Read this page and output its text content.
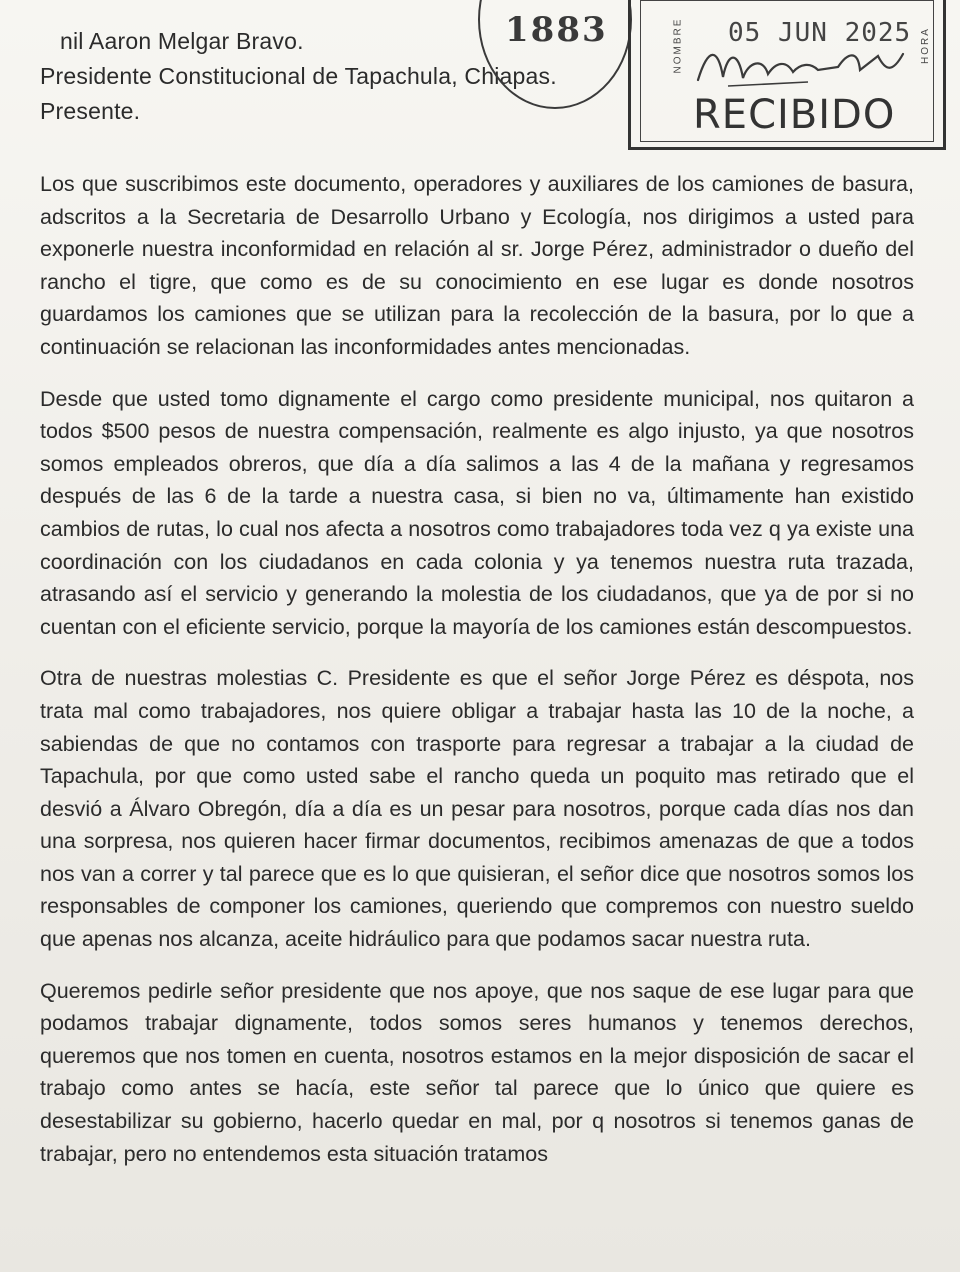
nil Aaron Melgar Bravo.
Presidente Constitucional de Tapachula, Chiapas.
Presente.
1883	NOMBRE	HORA
05 JUN 2025
RECIBIDO

Los que suscribimos este documento, operadores y auxiliares de los camiones de basura, adscritos a la Secretaria de Desarrollo Urbano y Ecología, nos dirigimos a usted para exponerle nuestra inconformidad en relación al sr. Jorge Pérez, administrador o dueño del rancho el tigre, que como es de su conocimiento en ese lugar es donde nosotros guardamos los camiones que se utilizan para la recolección de la basura, por lo que a continuación se relacionan las inconformidades antes mencionadas.

Desde que usted tomo dignamente el cargo como presidente municipal, nos quitaron a todos $500 pesos de nuestra compensación, realmente es algo injusto, ya que nosotros somos empleados obreros, que día a día salimos a las 4 de la mañana y regresamos después de las 6 de la tarde a nuestra casa, si bien no va, últimamente han existido cambios de rutas, lo cual nos afecta a nosotros como trabajadores toda vez q ya existe una coordinación con los ciudadanos en cada colonia y ya tenemos nuestra ruta trazada, atrasando así el servicio y generando la molestia de los ciudadanos, que ya de por si no cuentan con el eficiente servicio, porque la mayoría de los camiones están descompuestos.

Otra de nuestras molestias C. Presidente es que el señor Jorge Pérez es déspota, nos trata mal como trabajadores, nos quiere obligar a trabajar hasta las 10 de la noche, a sabiendas de que no contamos con trasporte para regresar a trabajar a la ciudad de Tapachula, por que como usted sabe el rancho queda un poquito mas retirado que el desvió a Álvaro Obregón, día a día es un pesar para nosotros, porque cada días nos dan una sorpresa, nos quieren hacer firmar documentos, recibimos amenazas de que a todos nos van a correr y tal parece que es lo que quisieran, el señor dice que nosotros somos los responsables de componer los camiones, queriendo que compremos con nuestro sueldo que apenas nos alcanza, aceite hidráulico para que podamos sacar nuestra ruta.

Queremos pedirle señor presidente que nos apoye, que nos saque de ese lugar para que podamos trabajar dignamente, todos somos seres humanos y tenemos derechos, queremos que nos tomen en cuenta, nosotros estamos en la mejor disposición de sacar el trabajo como antes se hacía, este señor tal parece que lo único que quiere es desestabilizar su gobierno, hacerlo quedar en mal, por q nosotros si tenemos ganas de trabajar, pero no entendemos esta situación tratamos
